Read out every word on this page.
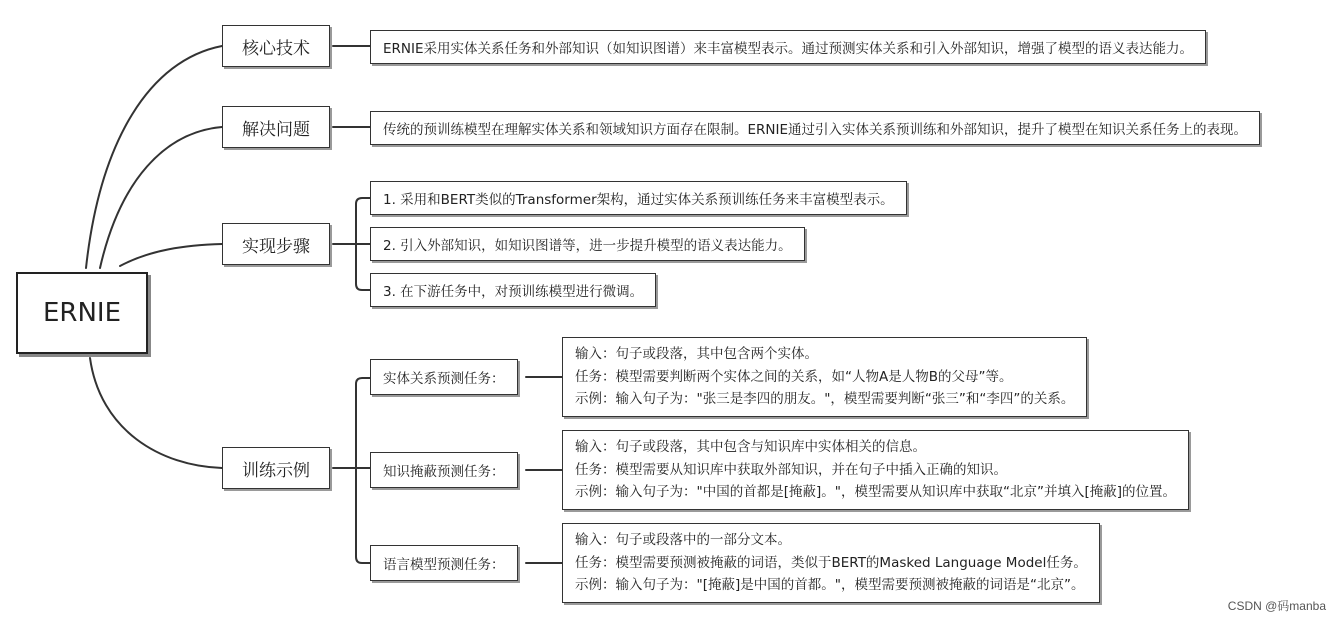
ERNIE
核心技术	ERNIE采用实体关系任务和外部知识（如知识图谱）来丰富模型表示。通过预测实体关系和引入外部知识，增强了模型的语义表达能力。
解决问题	传统的预训练模型在理解实体关系和领域知识方面存在限制。ERNIE通过引入实体关系预训练和外部知识，提升了模型在知识关系任务上的表现。
实现步骤
1. 采用和BERT类似的Transformer架构，通过实体关系预训练任务来丰富模型表示。
2. 引入外部知识，如知识图谱等，进一步提升模型的语义表达能力。
3. 在下游任务中，对预训练模型进行微调。
训练示例
实体关系预测任务：
输入：句子或段落，其中包含两个实体。
任务：模型需要判断两个实体之间的关系，如“人物A是人物B的父母”等。
示例：输入句子为："张三是李四的朋友。"，模型需要判断“张三”和“李四”的关系。
知识掩蔽预测任务：
输入：句子或段落，其中包含与知识库中实体相关的信息。
任务：模型需要从知识库中获取外部知识，并在句子中插入正确的知识。
示例：输入句子为："中国的首都是[掩蔽]。"，模型需要从知识库中获取“北京”并填入[掩蔽]的位置。
语言模型预测任务：
输入：句子或段落中的一部分文本。
任务：模型需要预测被掩蔽的词语，类似于BERT的Masked Language Model任务。
示例：输入句子为："[掩蔽]是中国的首都。"，模型需要预测被掩蔽的词语是“北京”。
CSDN @码manba
